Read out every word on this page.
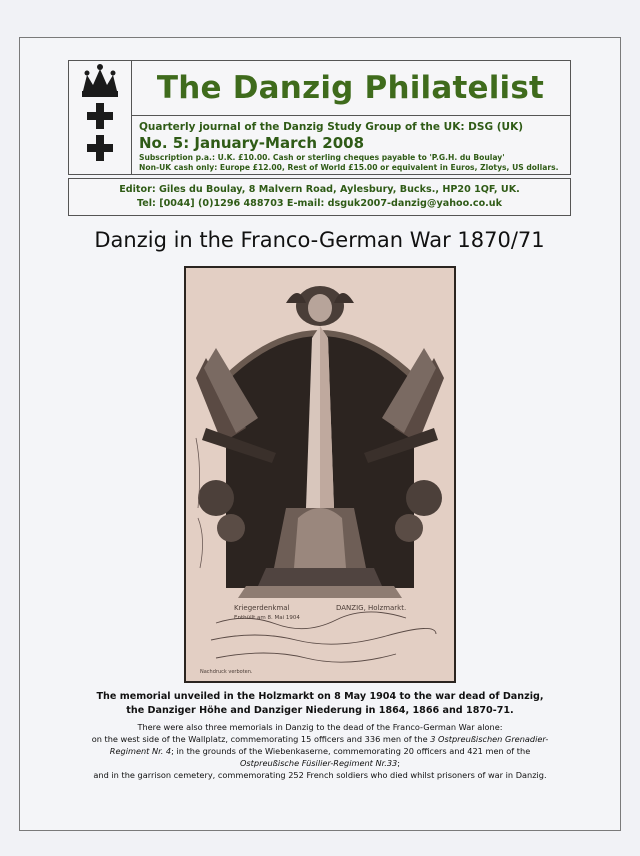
The Danzig Philatelist
Quarterly journal of the Danzig Study Group of the UK: DSG (UK)
No. 5: January-March 2008
Subscription p.a.: U.K. £10.00. Cash or sterling cheques payable to 'P.G.H. du Boulay'
Non-UK cash only: Europe £12.00, Rest of World £15.00 or equivalent in Euros, Zlotys, US dollars.
Editor: Giles du Boulay, 8 Malvern Road, Aylesbury, Bucks., HP20 1QF, UK.
Tel: [0044] (0)1296 488703 E-mail: dsguk2007-danzig@yahoo.co.uk
Danzig in the Franco-German War 1870/71
Kriegerdenkmal	DANZIG, Holzmarkt.
Enthüllt am 8. Mai 1904
Nachdruck verboten.
The memorial unveiled in the Holzmarkt on 8 May 1904 to the war dead of Danzig,
the Danziger Höhe and Danziger Niederung in 1864, 1866 and 1870-71.
There were also three memorials in Danzig to the dead of the Franco-German War alone:
on the west side of the Wallplatz, commemorating 15 officers and 336 men of the 3 Ostpreußischen Grenadier-
Regiment Nr. 4; in the grounds of the Wiebenkaserne, commemorating 20 officers and 421 men of the
Ostpreußische Füsilier-Regiment Nr.33;
and in the garrison cemetery, commemorating 252 French soldiers who died whilst prisoners of war in Danzig.
